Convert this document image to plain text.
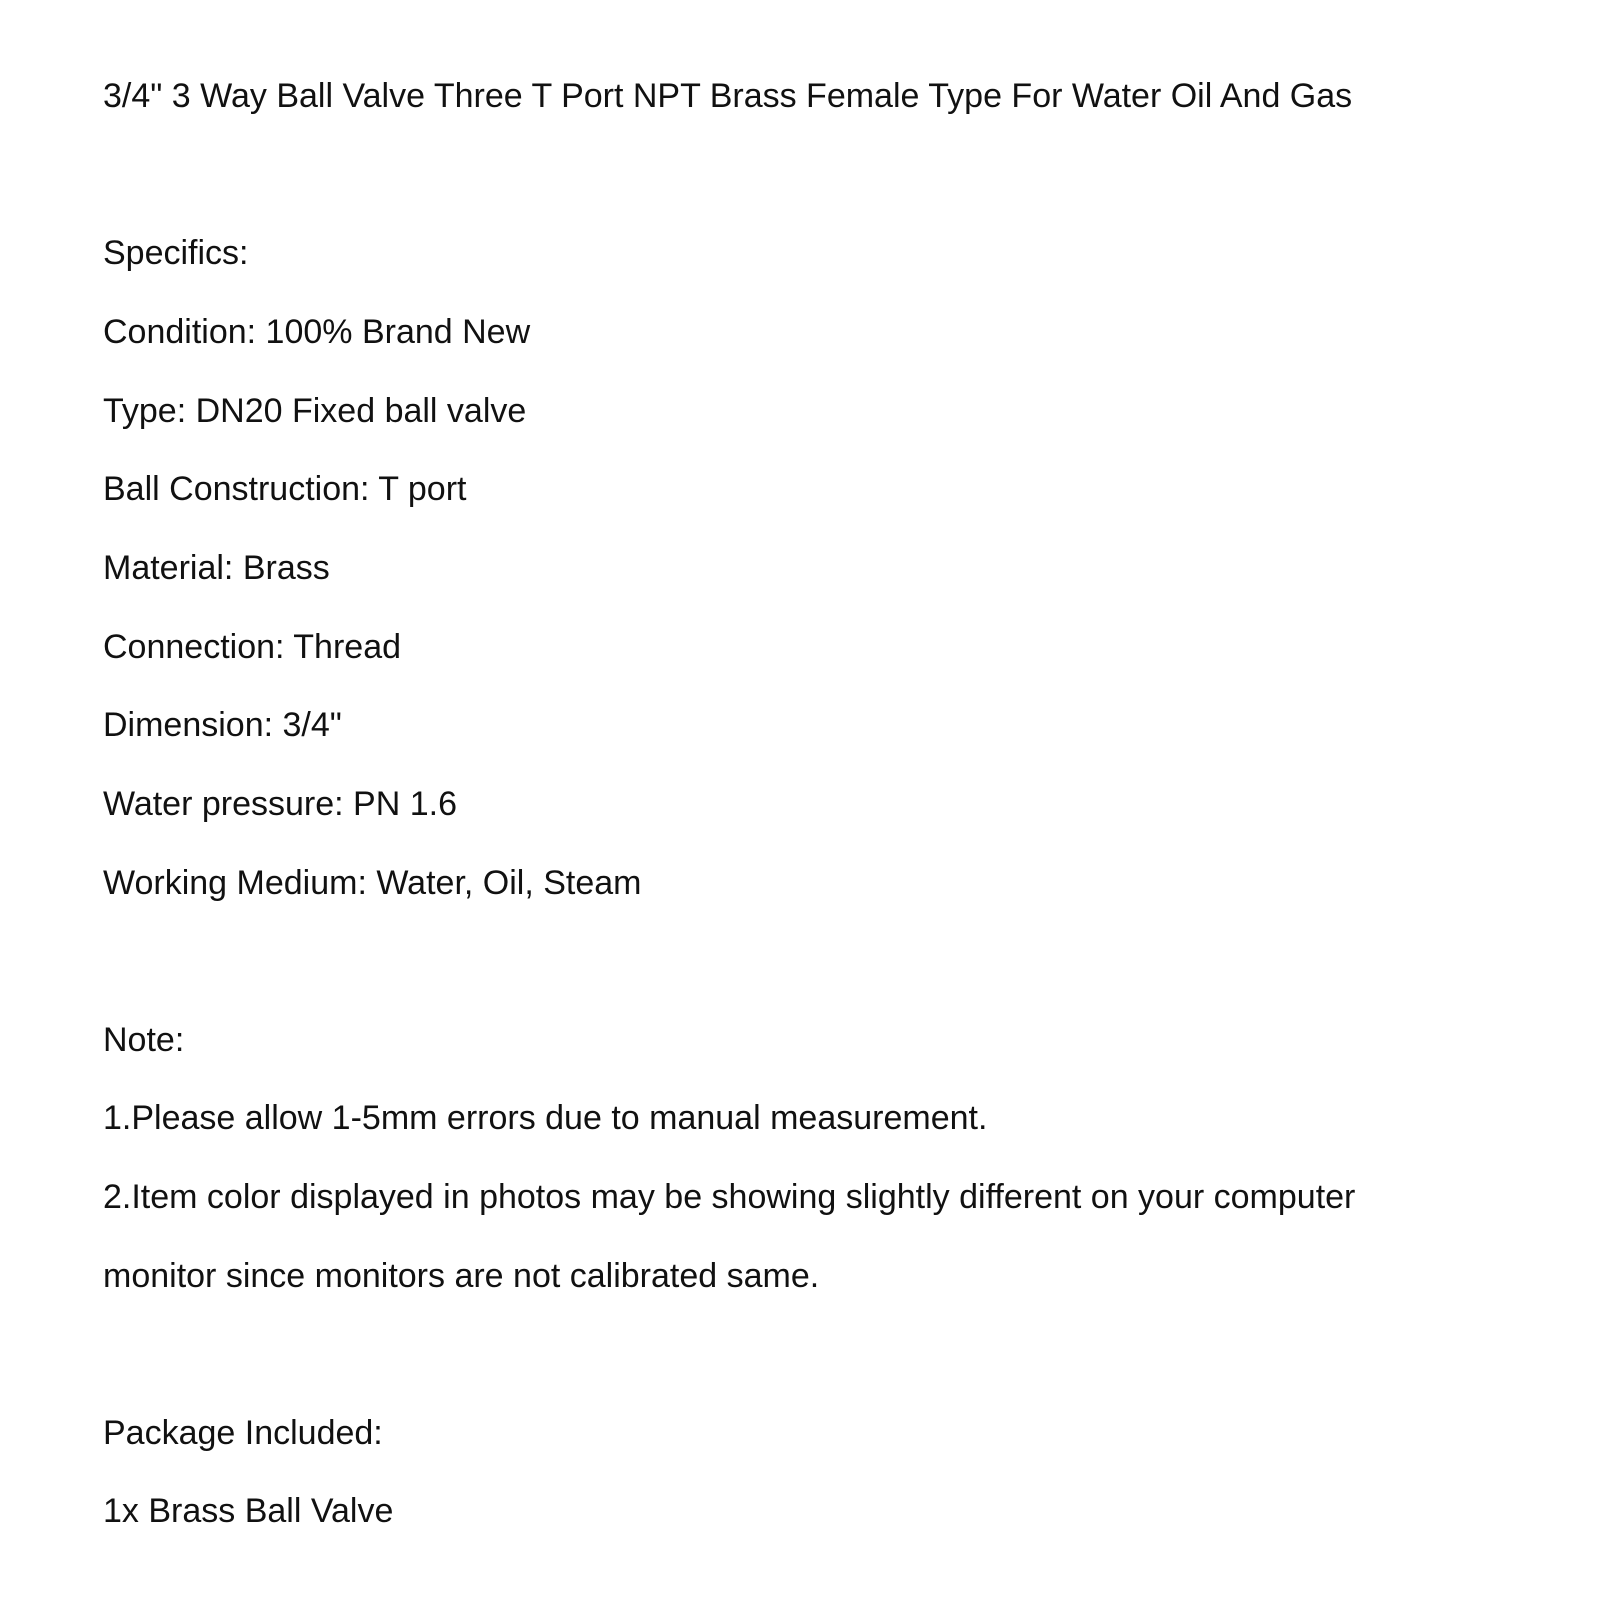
3/4" 3 Way Ball Valve Three T Port NPT Brass Female Type For Water Oil And Gas

Specifics:

Condition: 100% Brand New

Type: DN20 Fixed ball valve

Ball Construction: T port

Material: Brass

Connection: Thread

Dimension: 3/4"

Water pressure: PN 1.6

Working Medium: Water, Oil, Steam

Note:

1.Please allow 1-5mm errors due to manual measurement.

2.Item color displayed in photos may be showing slightly different on your computer

monitor since monitors are not calibrated same.

Package Included:

1x Brass Ball Valve
